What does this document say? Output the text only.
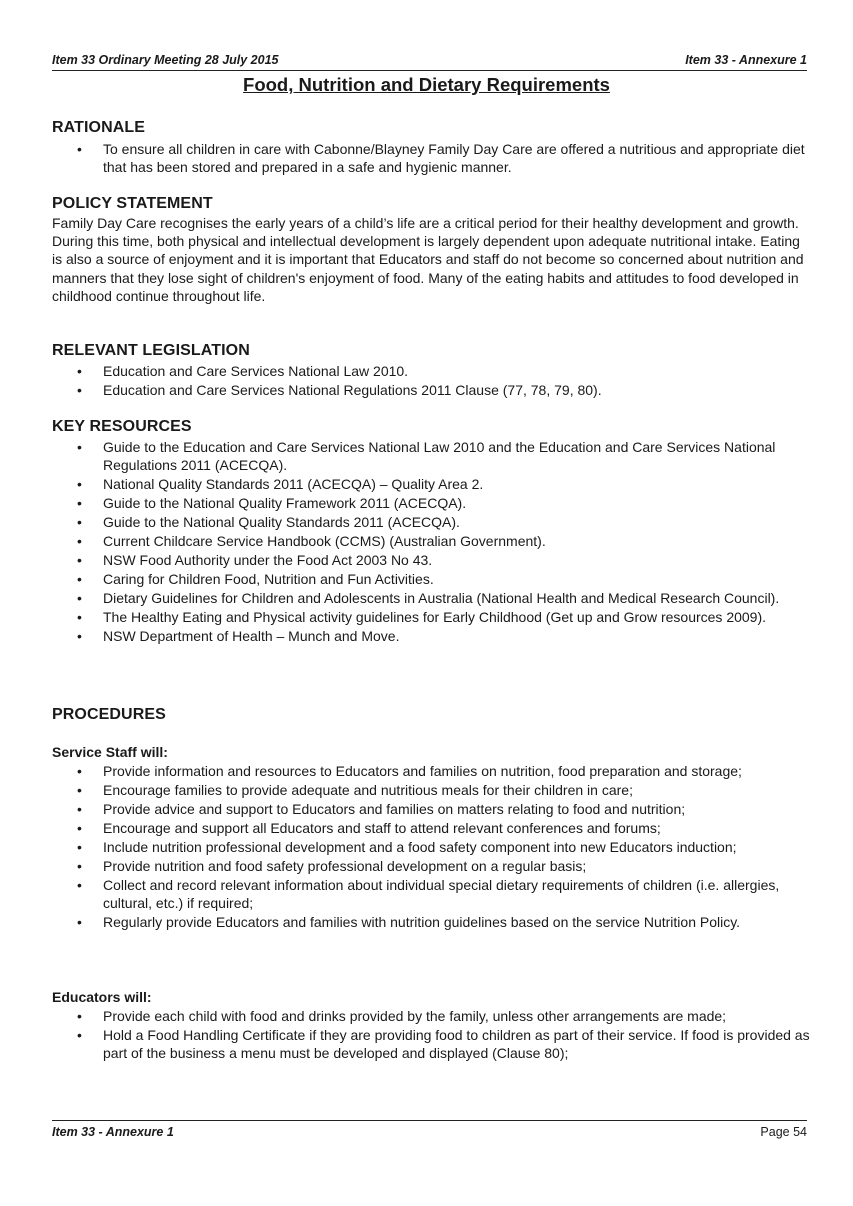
Item 33 Ordinary Meeting 28 July 2015	Item 33 - Annexure 1
Food, Nutrition and Dietary Requirements
RATIONALE
• To ensure all children in care with Cabonne/Blayney Family Day Care are offered a nutritious and appropriate diet that has been stored and prepared in a safe and hygienic manner.
POLICY STATEMENT
Family Day Care recognises the early years of a child’s life are a critical period for their healthy development and growth. During this time, both physical and intellectual development is largely dependent upon adequate nutritional intake. Eating is also a source of enjoyment and it is important that Educators and staff do not become so concerned about nutrition and manners that they lose sight of children's enjoyment of food. Many of the eating habits and attitudes to food developed in childhood continue throughout life.
RELEVANT LEGISLATION
• Education and Care Services National Law 2010.
• Education and Care Services National Regulations 2011 Clause (77, 78, 79, 80).
KEY RESOURCES
• Guide to the Education and Care Services National Law 2010 and the Education and Care Services National Regulations 2011 (ACECQA).
• National Quality Standards 2011 (ACECQA) – Quality Area 2.
• Guide to the National Quality Framework 2011 (ACECQA).
• Guide to the National Quality Standards 2011 (ACECQA).
• Current Childcare Service Handbook (CCMS) (Australian Government).
• NSW Food Authority under the Food Act 2003 No 43.
• Caring for Children Food, Nutrition and Fun Activities.
• Dietary Guidelines for Children and Adolescents in Australia (National Health and Medical Research Council).
• The Healthy Eating and Physical activity guidelines for Early Childhood (Get up and Grow resources 2009).
• NSW Department of Health – Munch and Move.
PROCEDURES
Service Staff will:
• Provide information and resources to Educators and families on nutrition, food preparation and storage;
• Encourage families to provide adequate and nutritious meals for their children in care;
• Provide advice and support to Educators and families on matters relating to food and nutrition;
• Encourage and support all Educators and staff to attend relevant conferences and forums;
• Include nutrition professional development and a food safety component into new Educators induction;
• Provide nutrition and food safety professional development on a regular basis;
• Collect and record relevant information about individual special dietary requirements of children (i.e. allergies, cultural, etc.) if required;
• Regularly provide Educators and families with nutrition guidelines based on the service Nutrition Policy.
Educators will:
• Provide each child with food and drinks provided by the family, unless other arrangements are made;
• Hold a Food Handling Certificate if they are providing food to children as part of their service. If food is provided as part of the business a menu must be developed and displayed (Clause 80);
Item 33 - Annexure 1	Page 54
